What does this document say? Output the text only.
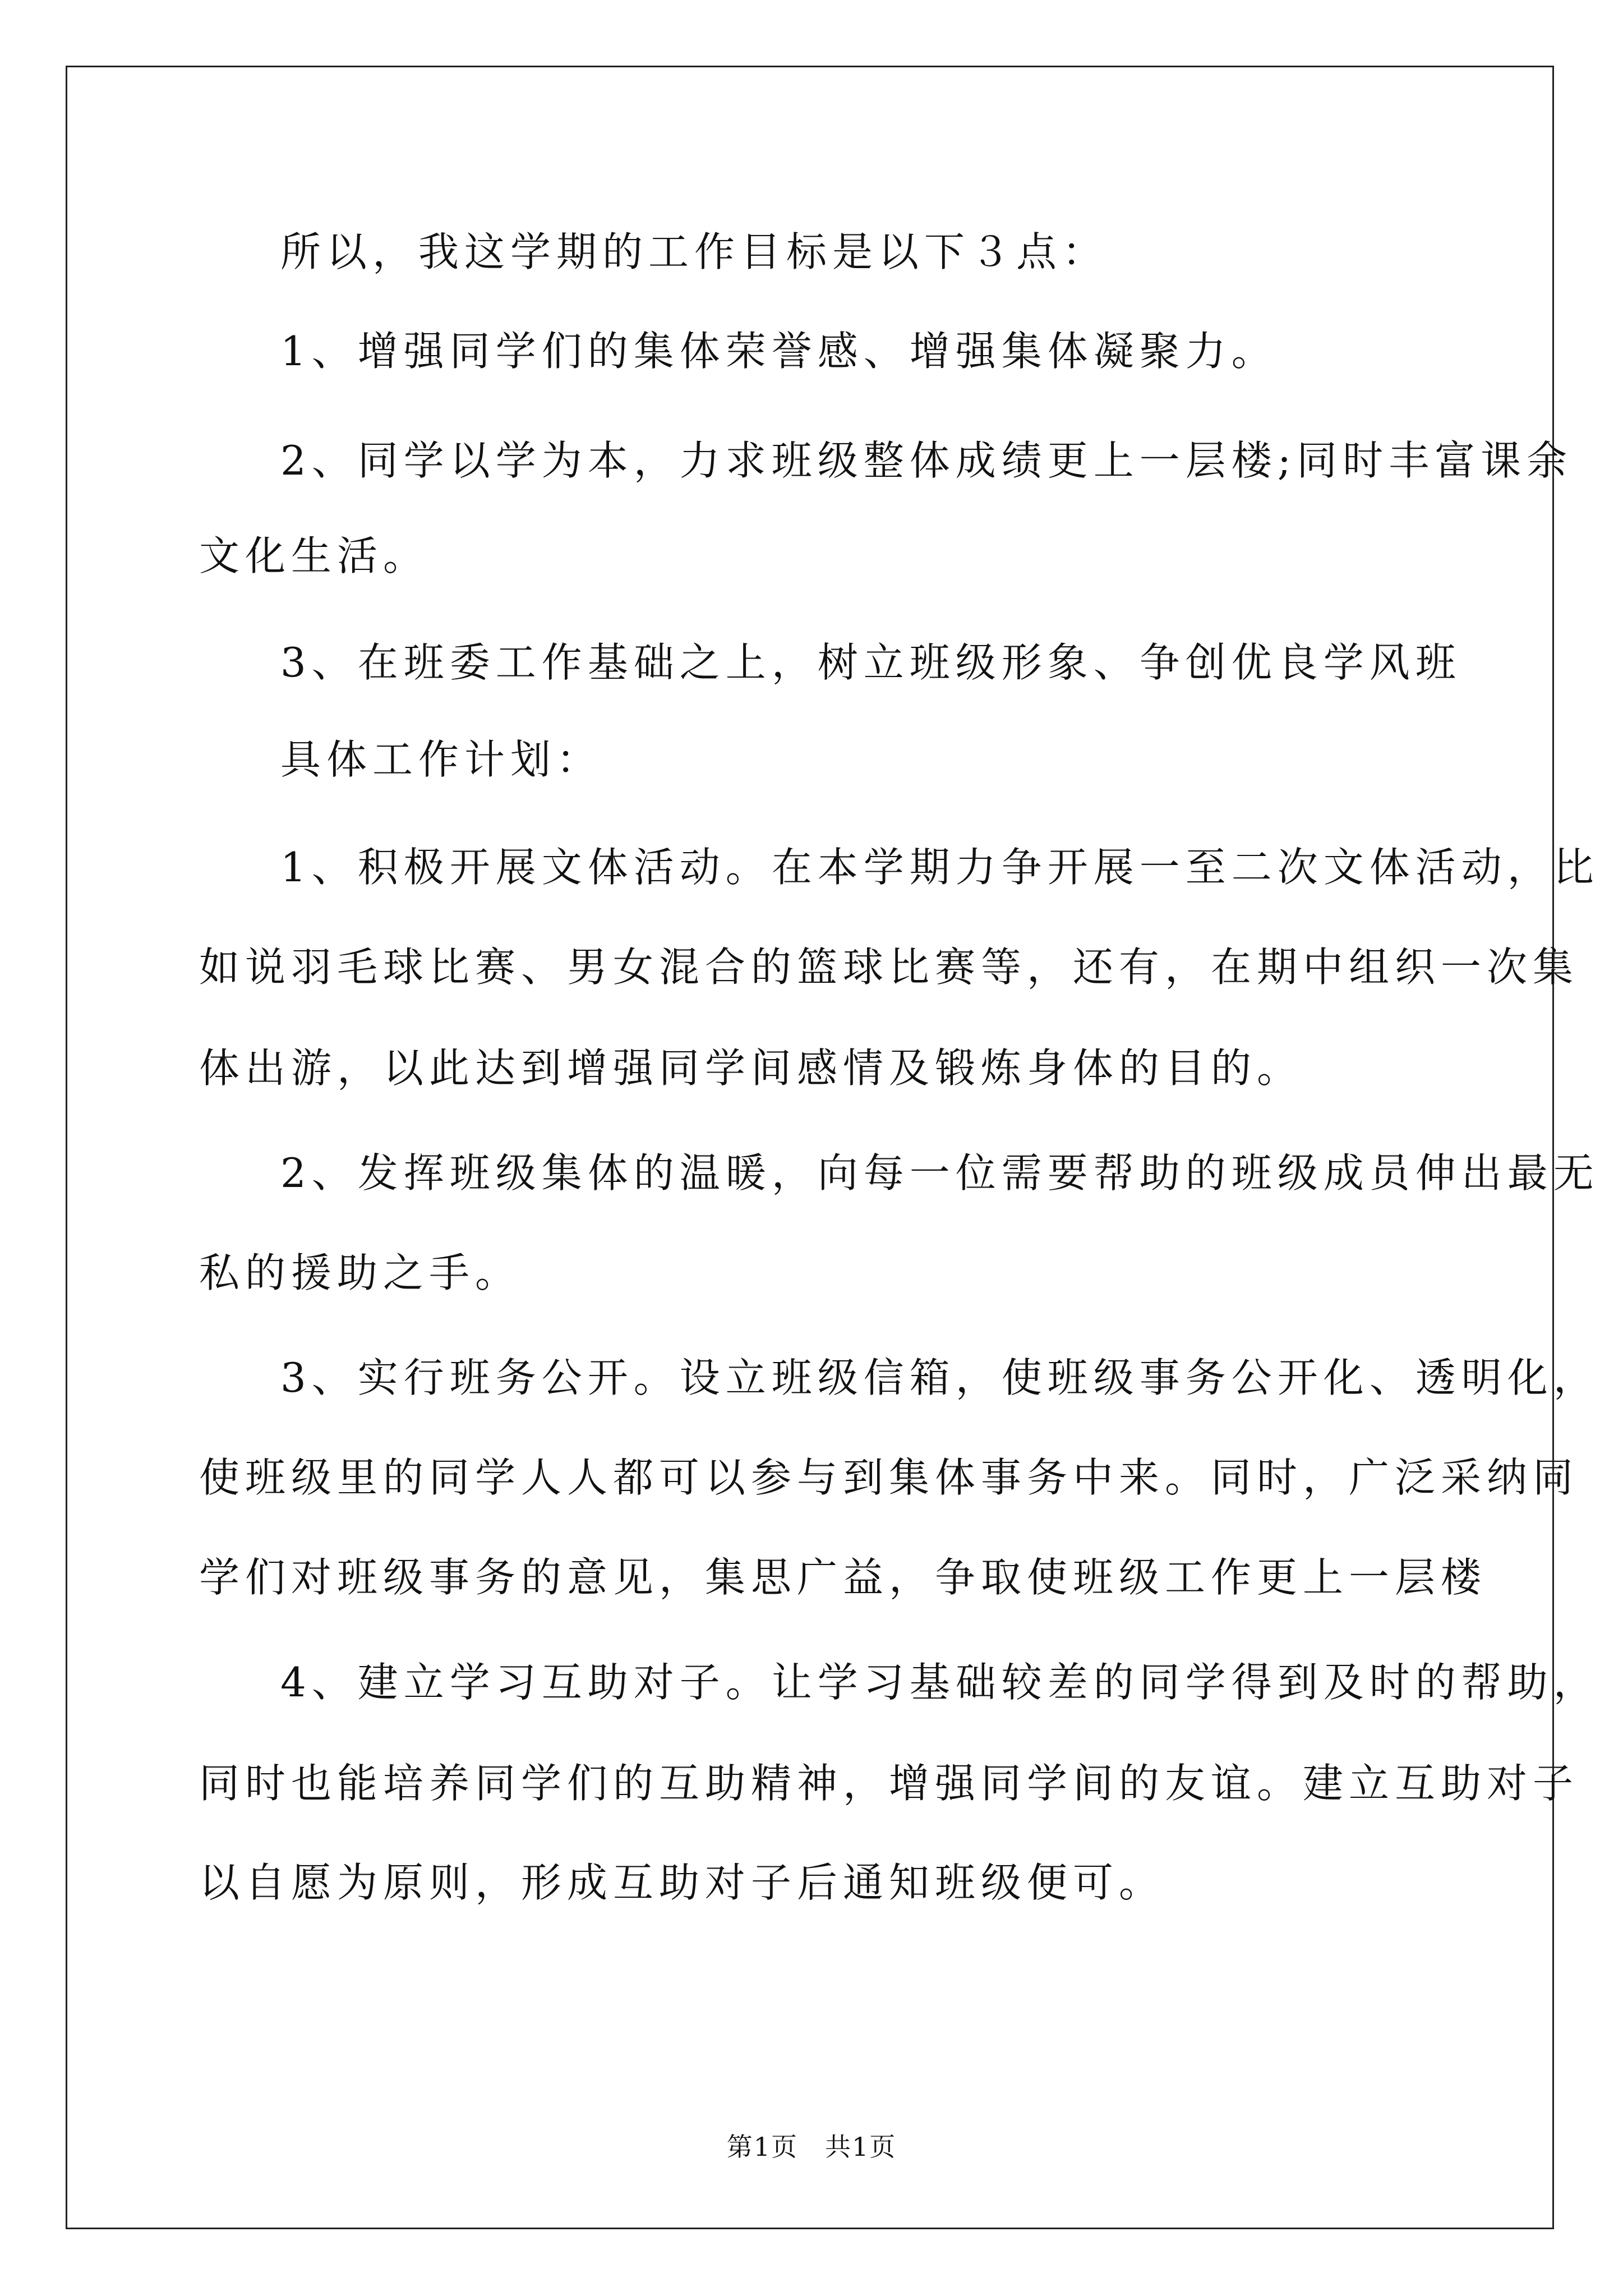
所以，我这学期的工作目标是以下３点：
1、增强同学们的集体荣誉感、增强集体凝聚力。
2、同学以学为本，力求班级整体成绩更上一层楼;同时丰富课余
文化生活。
3、在班委工作基础之上，树立班级形象、争创优良学风班
具体工作计划：
1、积极开展文体活动。在本学期力争开展一至二次文体活动，比
如说羽毛球比赛、男女混合的篮球比赛等，还有，在期中组织一次集
体出游，以此达到增强同学间感情及锻炼身体的目的。
2、发挥班级集体的温暖，向每一位需要帮助的班级成员伸出最无
私的援助之手。
3、实行班务公开。设立班级信箱，使班级事务公开化、透明化，
使班级里的同学人人都可以参与到集体事务中来。同时，广泛采纳同
学们对班级事务的意见，集思广益，争取使班级工作更上一层楼
4、建立学习互助对子。让学习基础较差的同学得到及时的帮助，
同时也能培养同学们的互助精神，增强同学间的友谊。建立互助对子
以自愿为原则，形成互助对子后通知班级便可。
第1页　共1页
